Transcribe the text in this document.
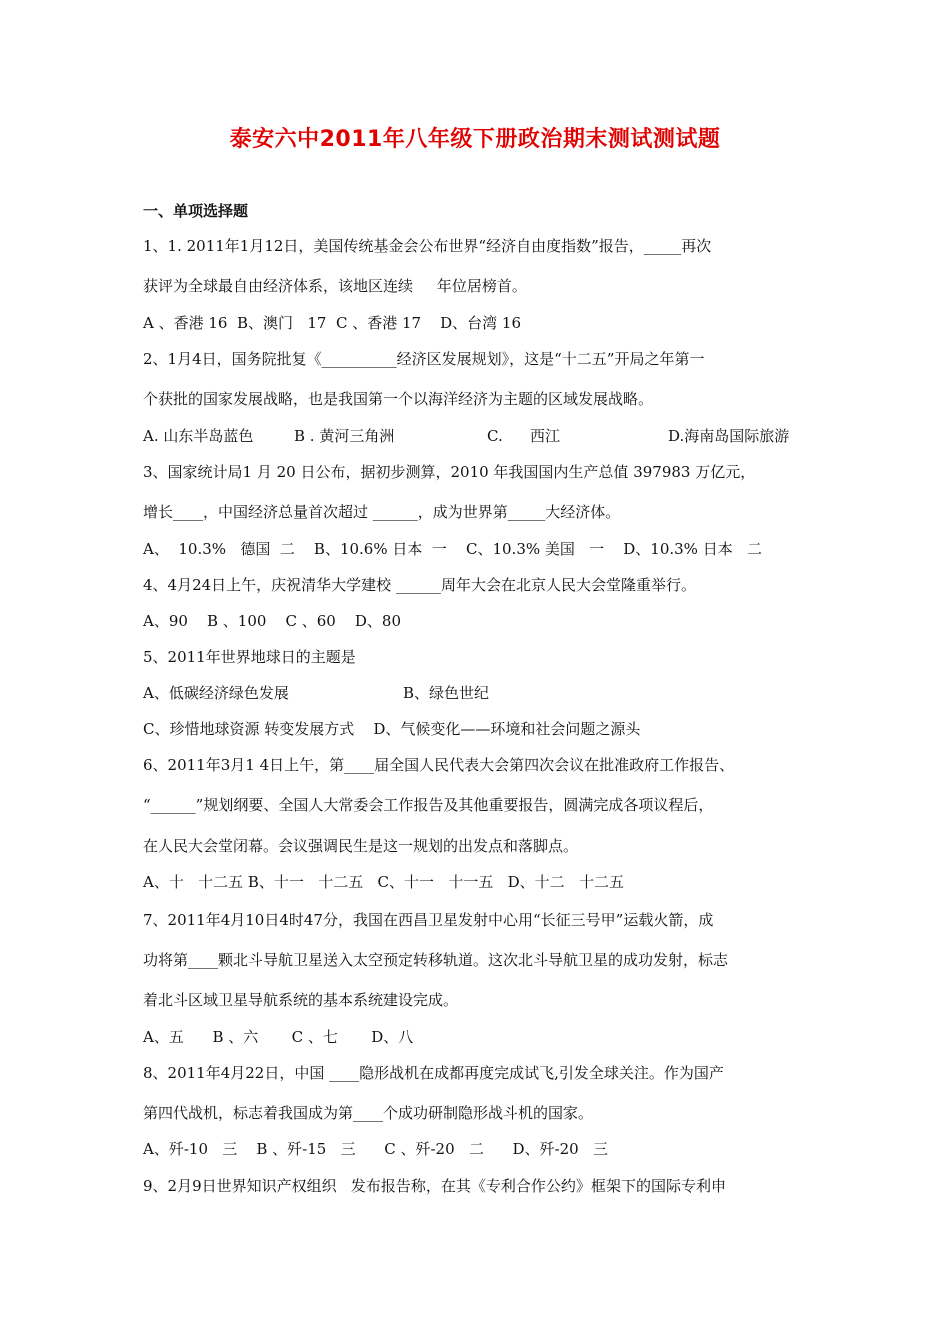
泰安六中2011年八年级下册政治期末测试测试题
一、单项选择题
1、1. 2011年1月12日，美国传统基金会公布世界“经济自由度指数”报告，_____再次
获评为全球最自由经济体系，该地区连续     年位居榜首。
A 、香港 16  B、澳门   17  C 、香港 17    D、台湾 16
2、1月4日，国务院批复《__________经济区发展规划》，这是“十二五”开局之年第一
个获批的国家发展战略，也是我国第一个以海洋经济为主题的区域发展战略。
A. 山东半岛蓝色	B . 黄河三角洲	C. 西江	D.海南岛国际旅游
3、国家统计局1 月 20 日公布，据初步测算，2010 年我国国内生产总值 397983 万亿元，
增长____，中国经济总量首次超过 ______，成为世界第_____大经济体。
A、  10.3%   德国  二    B、10.6% 日本  一    C、10.3% 美国   一    D、10.3% 日本   二
4、4月24日上午，庆祝清华大学建校 ______周年大会在北京人民大会堂隆重举行。
A、90    B 、100    C 、60    D、80
5、2011年世界地球日的主题是
A、低碳经济绿色发展	B、绿色世纪
C、珍惜地球资源 转变发展方式    D、气候变化——环境和社会问题之源头
6、2011年3月1 4日上午，第____届全国人民代表大会第四次会议在批准政府工作报告、
“______”规划纲要、全国人大常委会工作报告及其他重要报告，圆满完成各项议程后，
在人民大会堂闭幕。会议强调民生是这一规划的出发点和落脚点。
A、十   十二五 B、十一   十二五   C、十一   十一五   D、十二   十二五
7、2011年4月10日4时47分，我国在西昌卫星发射中心用“长征三号甲”运载火箭，成
功将第____颗北斗导航卫星送入太空预定转移轨道。这次北斗导航卫星的成功发射，标志
着北斗区域卫星导航系统的基本系统建设完成。
A、五      B 、六       C 、七       D、八
8、2011年4月22日，中国 ____隐形战机在成都再度完成试飞,引发全球关注。作为国产
第四代战机，标志着我国成为第____个成功研制隐形战斗机的国家。
A、歼-10   三    B 、歼-15   三      C 、歼-20   二      D、歼-20   三
9、2月9日世界知识产权组织   发布报告称，在其《专利合作公约》框架下的国际专利申
